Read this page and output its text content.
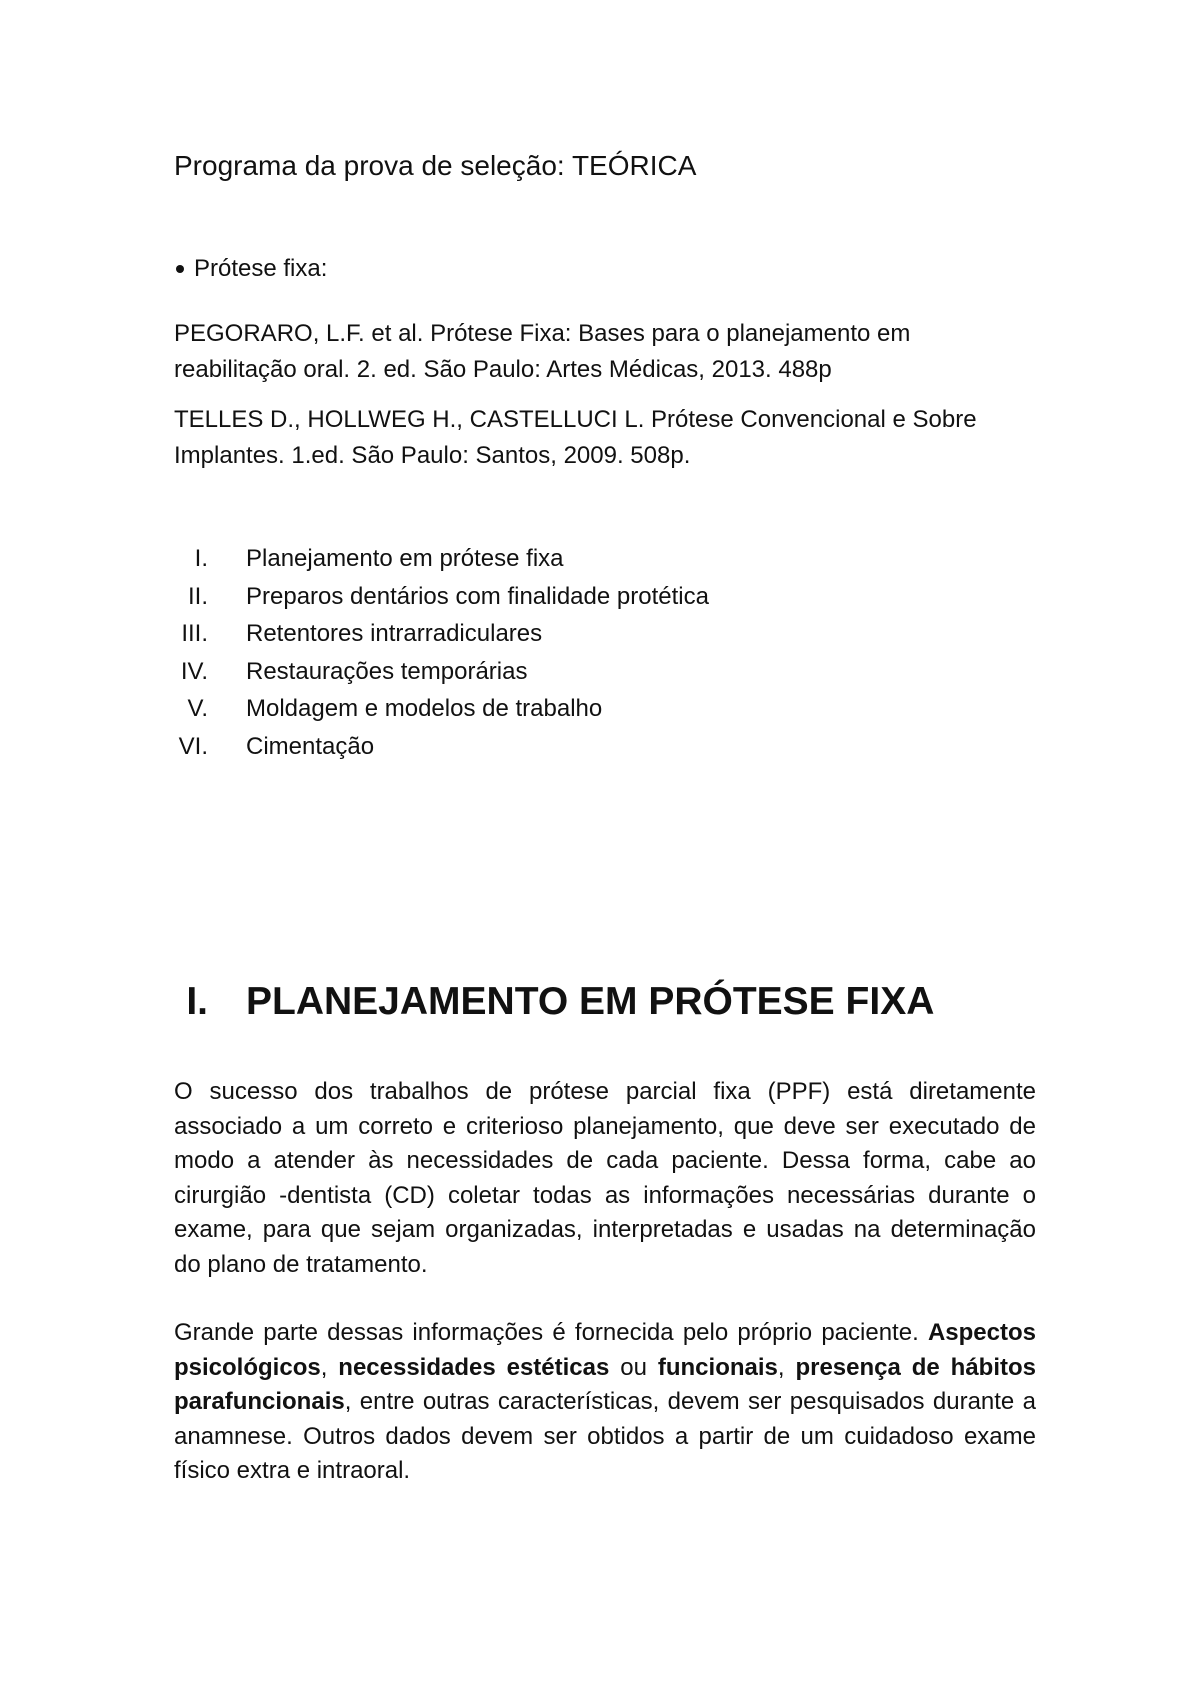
Programa da prova de seleção: TEÓRICA
Prótese fixa:

PEGORARO, L.F. et al. Prótese Fixa: Bases para o planejamento em reabilitação oral. 2. ed. São Paulo: Artes Médicas, 2013. 488p

TELLES D., HOLLWEG H., CASTELLUCI L. Prótese Convencional e Sobre Implantes. 1.ed. São Paulo: Santos, 2009. 508p.

I. Planejamento em prótese fixa
II. Preparos dentários com finalidade protética
III. Retentores intrarradiculares
IV. Restaurações temporárias
V. Moldagem e modelos de trabalho
VI. Cimentação
I. PLANEJAMENTO EM PRÓTESE FIXA

O sucesso dos trabalhos de prótese parcial fixa (PPF) está diretamente associado a um correto e criterioso planejamento, que deve ser executado de modo a atender às necessidades de cada paciente. Dessa forma, cabe ao cirurgião -dentista (CD) coletar todas as informações necessárias durante o exame, para que sejam organizadas, interpretadas e usadas na determinação do plano de tratamento.

Grande parte dessas informações é fornecida pelo próprio paciente. Aspectos psicológicos, necessidades estéticas ou funcionais, presença de hábitos parafuncionais, entre outras características, devem ser pesquisados durante a anamnese. Outros dados devem ser obtidos a partir de um cuidadoso exame físico extra e intraoral.
